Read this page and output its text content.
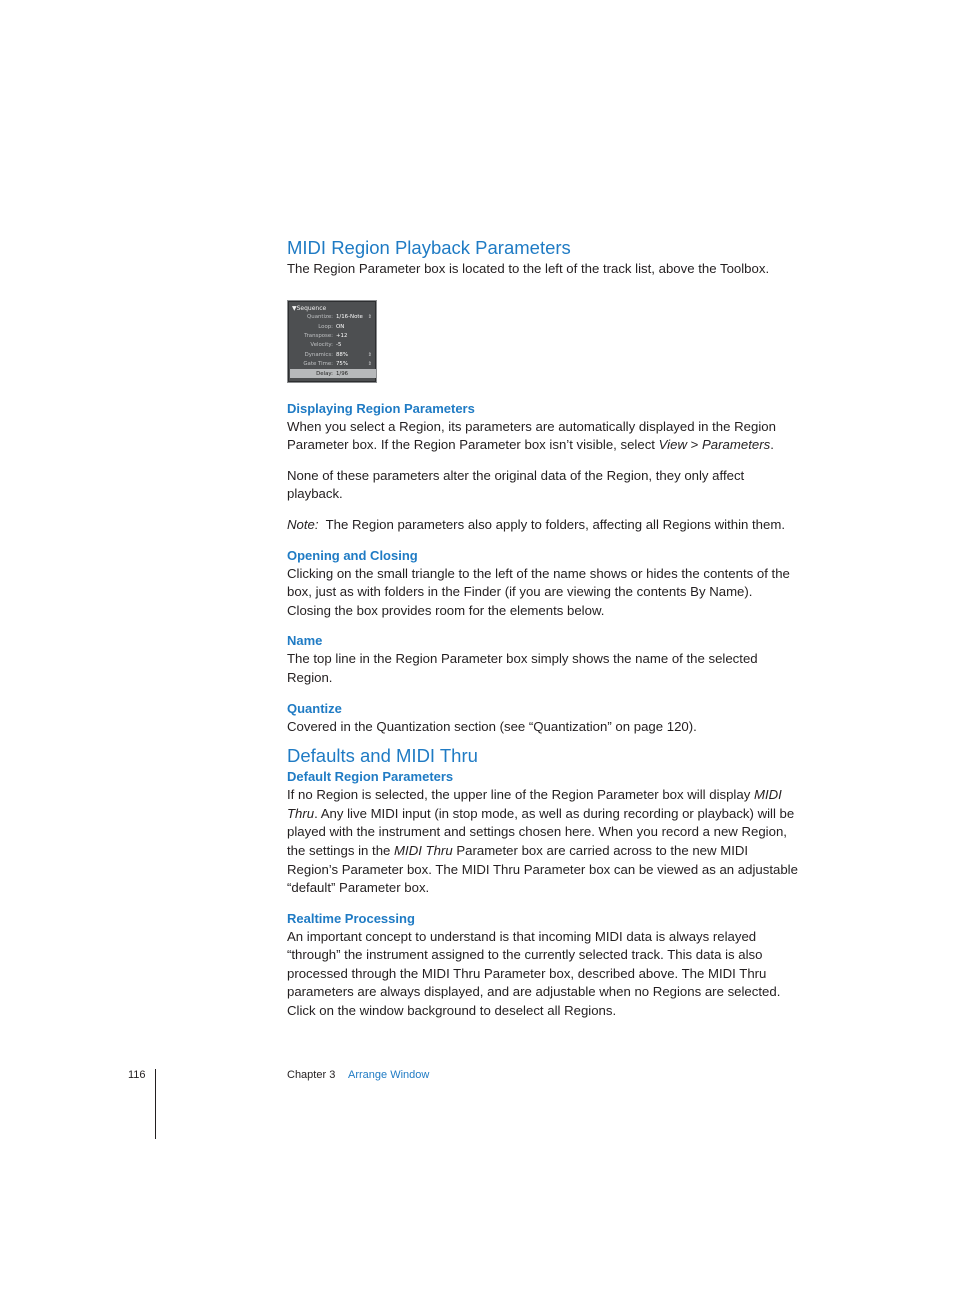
MIDI Region Playback Parameters

The Region Parameter box is located to the left of the track list, above the Toolbox.

▼Sequence
Quantize: 1/16-Note ⇕
Loop: ON
Transpose: +12
Velocity: -5
Dynamics: 88%	⇕
Gate Time: 75%	⇕
Delay: 1/96
Displaying Region Parameters

When you select a Region, its parameters are automatically displayed in the Region Parameter box. If the Region Parameter box isn’t visible, select View > Parameters.

None of these parameters alter the original data of the Region, they only affect playback.

Note:  The Region parameters also apply to folders, affecting all Regions within them.

Opening and Closing

Clicking on the small triangle to the left of the name shows or hides the contents of the box, just as with folders in the Finder (if you are viewing the contents By Name). Closing the box provides room for the elements below.

Name

The top line in the Region Parameter box simply shows the name of the selected Region.

Quantize

Covered in the Quantization section (see “Quantization” on page 120).

Defaults and MIDI Thru
Default Region Parameters

If no Region is selected, the upper line of the Region Parameter box will display MIDI Thru. Any live MIDI input (in stop mode, as well as during recording or playback) will be played with the instrument and settings chosen here. When you record a new Region, the settings in the MIDI Thru Parameter box are carried across to the new MIDI Region’s Parameter box. The MIDI Thru Parameter box can be viewed as an adjustable “default” Parameter box.

Realtime Processing

An important concept to understand is that incoming MIDI data is always relayed “through” the instrument assigned to the currently selected track. This data is also processed through the MIDI Thru Parameter box, described above. The MIDI Thru parameters are always displayed, and are adjustable when no Regions are selected. Click on the window background to deselect all Regions.

116	Chapter 3 Arrange Window
